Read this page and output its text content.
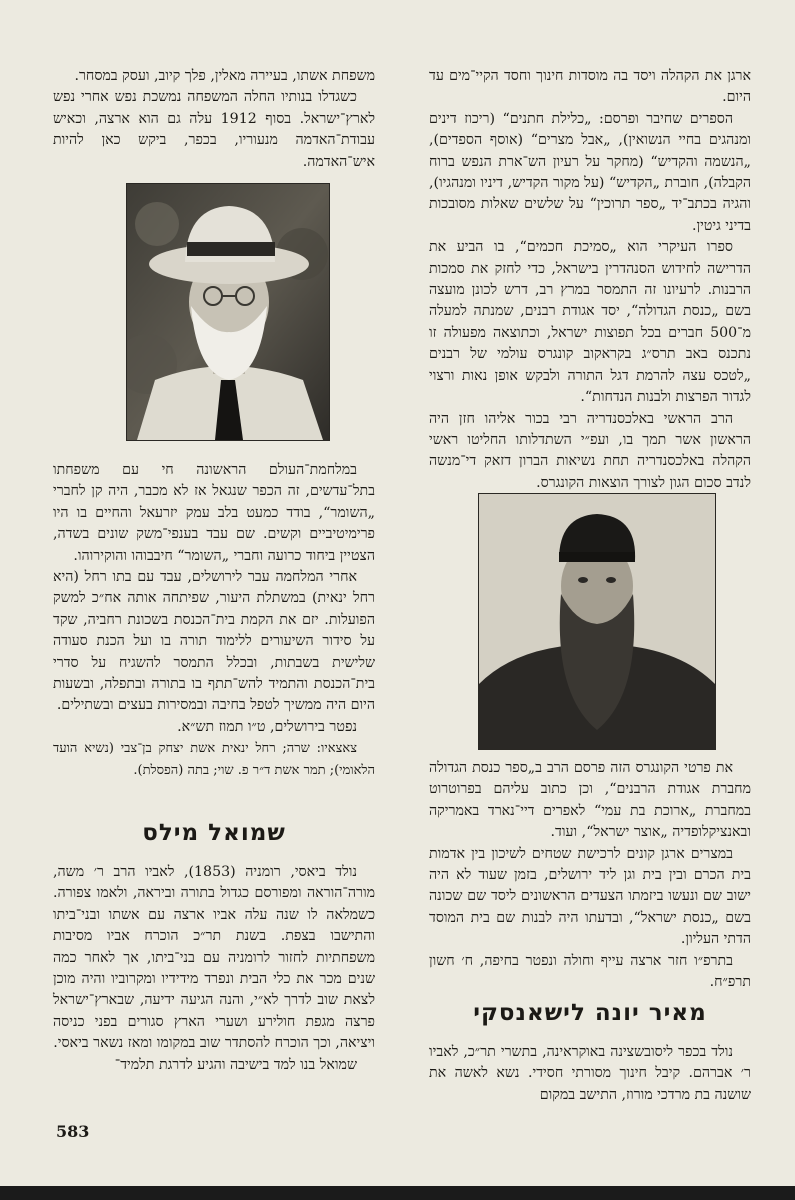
משפחת אשתו, בעיירה מאלין, פלך קיוב, ועסק במסחר.

כשגדלו בנותיו החלה המשפחה נמשכת נפש אחרי נפש לארץ־ישראל. בסוף 1912 עלה גם הוא ארצה, וכאיש עבודת־האדמה מנעוריו, בכפר, ביקש כאן להיות איש־האדמה.

במלחמת־העולם הראשונה חי עם משפחתו בתל־עדשים, זה הכפר שנגאל אז לא מכבר, היה קן לחברי „השומר“, בודד כמעט בלב עמק יזרעאל והחיים בו היו פרימיטיביים וקשים. שם עבד בענפי־משק שונים בשדה, הצטיין ביחוד כרועה וחברי „השומר“ חיבבוהו והוקירוהו.

אחרי המלחמה עבר לירושלים, עבד עם בתו רחל (היא רחל ינאית) במשתלת היעור, שפיתחה אותה אח״כ למשק הפועלות. יזם את הקמת בית־הכנסת בשכונת רחביה, שקד על סידור השיעורים ללימוד תורה בו ועל הכנת סעודה שלישית בשבתות, ובכלל התמסר להשגיח על סדרי בית־הכנסת והתמיד להש־תתף בו בתורה ובתפלה, ובשעות היום היה ממשיך לטפל בחיבה ובמסירות בעצים ובשתילים.

נפטר בירושלים, ט״ו תמוז תש״א.

צאצאיו: שרה; רחל ינאית אשת יצחק בן־צבי (נשיא הועד הלאומי); תמר אשת ד״ר פ. שוי; בתה (הפסלת).

שמואל מילס

נולד ביאסי, רומניה (1853), לאביו הרב ר׳ משה, מורה־הוראה ומפורסם כגדול בתורה וביראה, ולאמו צפורה. כשמלאה לו שנה עלה אביו ארצה עם אשתו ובני־ביתו והתישבו בצפת. בשנת תר״כ הוכרח אביו מסיבות משפחתיות לחזור לרומניה עם בני־ביתו, אך לאחר כמה שנים מכר את כלי הבית ונפרד מידידיו ומקרוביו והיה מוכן לצאת שוב לדרך לא״י, והנה הגיעה ידיעה, שבארץ־ישראל פרצה מגפת חולירע ושערי הארץ סגורים בפני כניסה ויציאה, וכך הוכרח להסתדר שוב במקומו ומאז נשאר ביאסי.

שמואל בנו למד בישיבה והגיע לדרגת תלמיד־

ארגן את הקהלה ויסד בה מוסדות חינוך וחסד הקיי־מים עד היום.

הספרים שחיבר ופרסם: „כלילת חתנים“ (ריכוז דינים ומנהגים בחיי הנשואין), „אבל מצרים“ (אוסף הספדים), „הנשמה והקדיש“ (מחקר על רעיון הש־ארת הנפש ברוח הקבלה), חוברת „הקדיש“ (על מקור הקדיש, דיניו ומנהגיו), והגיה בכתב־יד „ספר תרוכין“ על שלשים שאלות מסובכות בדיני גיטין.

ספרו העיקרי הוא „סמיכת חכמים“, בו הביע את הדרישה לחידוש הסנהדרין בישראל, כדי לחזק את סמכות הרבנות. לרעיונו זה התמסר במרץ רב, דרש לכונן מועצה בשם „כנסת הגדולה“, יסד אגודת רבנים, שמנתה למעלה מ־500 חברים בכל תפוצות ישראל, וכתוצאה מפעולה זו נתכנס באב תרס״ג בקראקוב קונגרס עולמי של רבנים „לטכס עצה להרמת דגל התורה ולבקש אופן נאות ורצוי לגדור הפרצות ולבנות הנדחות“.

הרב הראשי באלכסנדריה רבי בכור אליהו חזן היה הראשון אשר תמך בו, ועפ״י השתדלותו החליטו ראשי הקהלה באלכסנדריה תחת נשיאות הברון דזאק די־מנשה לנדב סכום הגון לצורך הוצאות הקונגרס.

את פרטי הקונגרס הזה פרסם הרב ב„ספר כנסת הגדולה מחברת אגודת הרבנים“, וכן כתוב עליהם בפרוטרוט במחברת „ארוכת בת עמי“ לאפרים דיי־נארד באמריקה ובאנציקלופדיה „אוצר ישראל“, ועוד.

במצרים ארגן קונים לרכישת שטחים לשיכון בין אדמות בית הכרם ובין בית וגן ליד ירושלים, בזמן שעוד לא היה ישוב שם ונעשו ביזמתו הצעדים הראשונים ליסד שם שכונה בשם „כנסת ישראל“, ובדעתו היה לבנות שם בית המוסד הדתי העליון.

בתרפ״ו חזר ארצה עייף וחולה ונפטר בחיפה, ח׳ חשון תרפ״ח.

מאיר יונה לישאנסקי

נולד בכפר ליסובשצינה באוקראינה, בתשרי תר״כ, לאביו ר׳ אברהם. קיבל חינוך מסורתי חסידי. נשא לאשה את שושנה בת מרדכי מורוז, התישב במקום

583
